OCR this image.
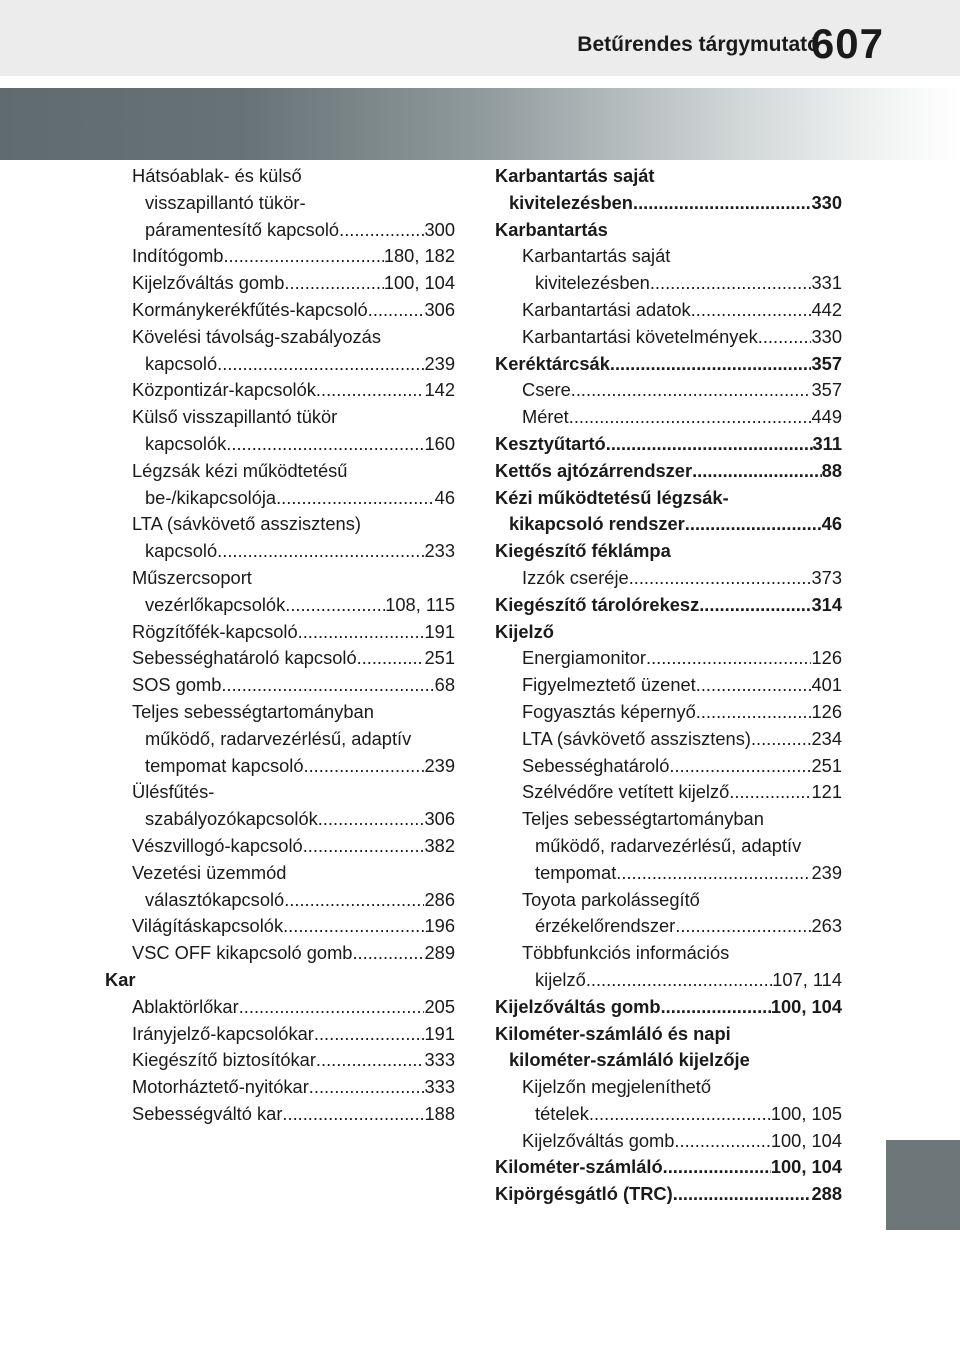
Betűrendes tárgymutató
607
Hátsóablak- és külső
visszapillantó tükör-
páramentesítő kapcsoló .....	300
Indítógomb .....	180, 182
Kijelzőváltás gomb .....	100, 104
Kormánykerékfűtés-kapcsoló .....	306
Kövelési távolság-szabályozás
kapcsoló .....	239
Központizár-kapcsolók .....	142
Külső visszapillantó tükör
kapcsolók .....	160
Légzsák kézi működtetésű
be-/kikapcsolója .....	46
LTA (sávkövető asszisztens)
kapcsoló .....	233
Műszercsoport
vezérlőkapcsolók .....	108, 115
Rögzítőfék-kapcsoló .....	191
Sebességhatároló kapcsoló .....	251
SOS gomb .....	68
Teljes sebességtartományban
működő, radarvezérlésű, adaptív
tempomat kapcsoló .....	239
Ülésfűtés-
szabályozókapcsolók .....	306
Vészvillogó-kapcsoló .....	382
Vezetési üzemmód
választókapcsoló .....	286
Világításkapcsolók .....	196
VSC OFF kikapcsoló gomb .....	289
Kar
Ablaktörlőkar .....	205
Irányjelző-kapcsolókar .....	191
Kiegészítő biztosítókar .....	333
Motorháztető-nyitókar .....	333
Sebességváltó kar .....	188
Karbantartás saját
kivitelezésben .....	330
Karbantartás
Karbantartás saját
kivitelezésben .....	331
Karbantartási adatok .....	442
Karbantartási követelmények .....	330
Keréktárcsák .....	357
Csere .....	357
Méret .....	449
Kesztyűtartó .....	311
Kettős ajtózárrendszer .....	88
Kézi működtetésű légzsák-
kikapcsoló rendszer .....	46
Kiegészítő féklámpa
Izzók cseréje .....	373
Kiegészítő tárolórekesz .....	314
Kijelző
Energiamonitor .....	126
Figyelmeztető üzenet .....	401
Fogyasztás képernyő .....	126
LTA (sávkövető asszisztens) .....	234
Sebességhatároló .....	251
Szélvédőre vetített kijelző .....	121
Teljes sebességtartományban
működő, radarvezérlésű, adaptív
tempomat .....	239
Toyota parkolássegítő
érzékelőrendszer .....	263
Többfunkciós információs
kijelző .....	107, 114
Kijelzőváltás gomb .....	100, 104
Kilométer-számláló és napi
kilométer-számláló kijelzője
Kijelzőn megjeleníthető
tételek .....	100, 105
Kijelzőváltás gomb .....	100, 104
Kilométer-számláló .....	100, 104
Kipörgésgátló (TRC) .....	288
